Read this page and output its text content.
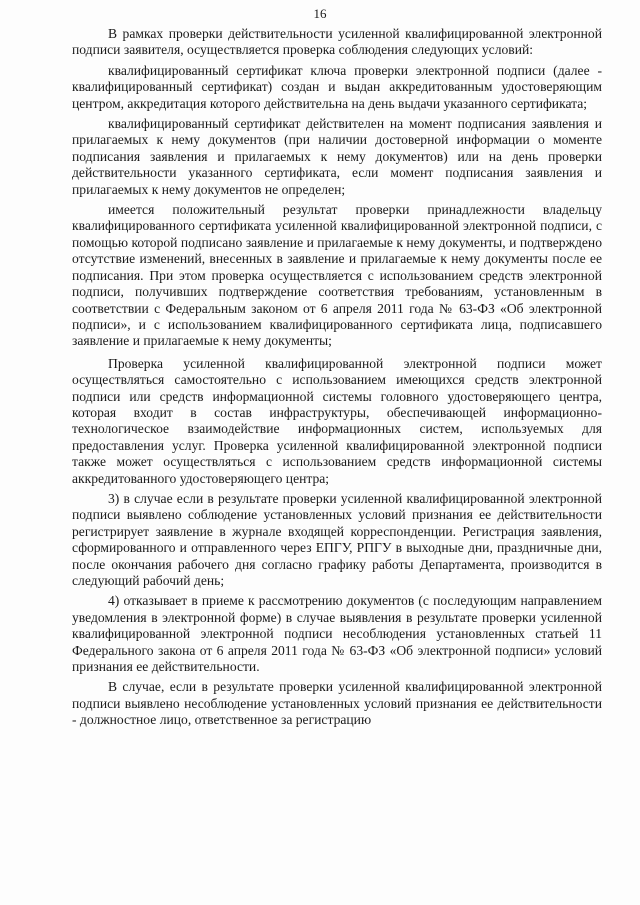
16

В рамках проверки действительности усиленной квалифицированной электронной подписи заявителя, осуществляется проверка соблюдения следующих условий:

квалифицированный сертификат ключа проверки электронной подписи (далее - квалифицированный сертификат) создан и выдан аккредитованным удостоверяющим центром, аккредитация которого действительна на день выдачи указанного сертификата;

квалифицированный сертификат действителен на момент подписания заявления и прилагаемых к нему документов (при наличии достоверной информации о моменте подписания заявления и прилагаемых к нему документов) или на день проверки действительности указанного сертификата, если момент подписания заявления и прилагаемых к нему документов не определен;

имеется положительный результат проверки принадлежности владельцу квалифицированного сертификата усиленной квалифицированной электронной подписи, с помощью которой подписано заявление и прилагаемые к нему документы, и подтверждено отсутствие изменений, внесенных в заявление и прилагаемые к нему документы после ее подписания. При этом проверка осуществляется с использованием средств электронной подписи, получивших подтверждение соответствия требованиям, установленным в соответствии с Федеральным законом от 6 апреля 2011 года № 63-ФЗ «Об электронной подписи», и с использованием квалифицированного сертификата лица, подписавшего заявление и прилагаемые к нему документы;

Проверка усиленной квалифицированной электронной подписи может осуществляться самостоятельно с использованием имеющихся средств электронной подписи или средств информационной системы головного удостоверяющего центра, которая входит в состав инфраструктуры, обеспечивающей информационно-технологическое взаимодействие информационных систем, используемых для предоставления услуг. Проверка усиленной квалифицированной электронной подписи также может осуществляться с использованием средств информационной системы аккредитованного удостоверяющего центра;

3) в случае если в результате проверки усиленной квалифицированной электронной подписи выявлено соблюдение установленных условий признания ее действительности регистрирует заявление в журнале входящей корреспонденции. Регистрация заявления, сформированного и отправленного через ЕПГУ, РПГУ в выходные дни, праздничные дни, после окончания рабочего дня согласно графику работы Департамента, производится в следующий рабочий день;

4) отказывает в приеме к рассмотрению документов (с последующим направлением уведомления в электронной форме) в случае выявления в результате проверки усиленной квалифицированной электронной подписи несоблюдения установленных статьей 11 Федерального закона от 6 апреля 2011 года № 63-ФЗ «Об электронной подписи» условий признания ее действительности.

В случае, если в результате проверки усиленной квалифицированной электронной подписи выявлено несоблюдение установленных условий признания ее действительности - должностное лицо, ответственное за регистрацию
